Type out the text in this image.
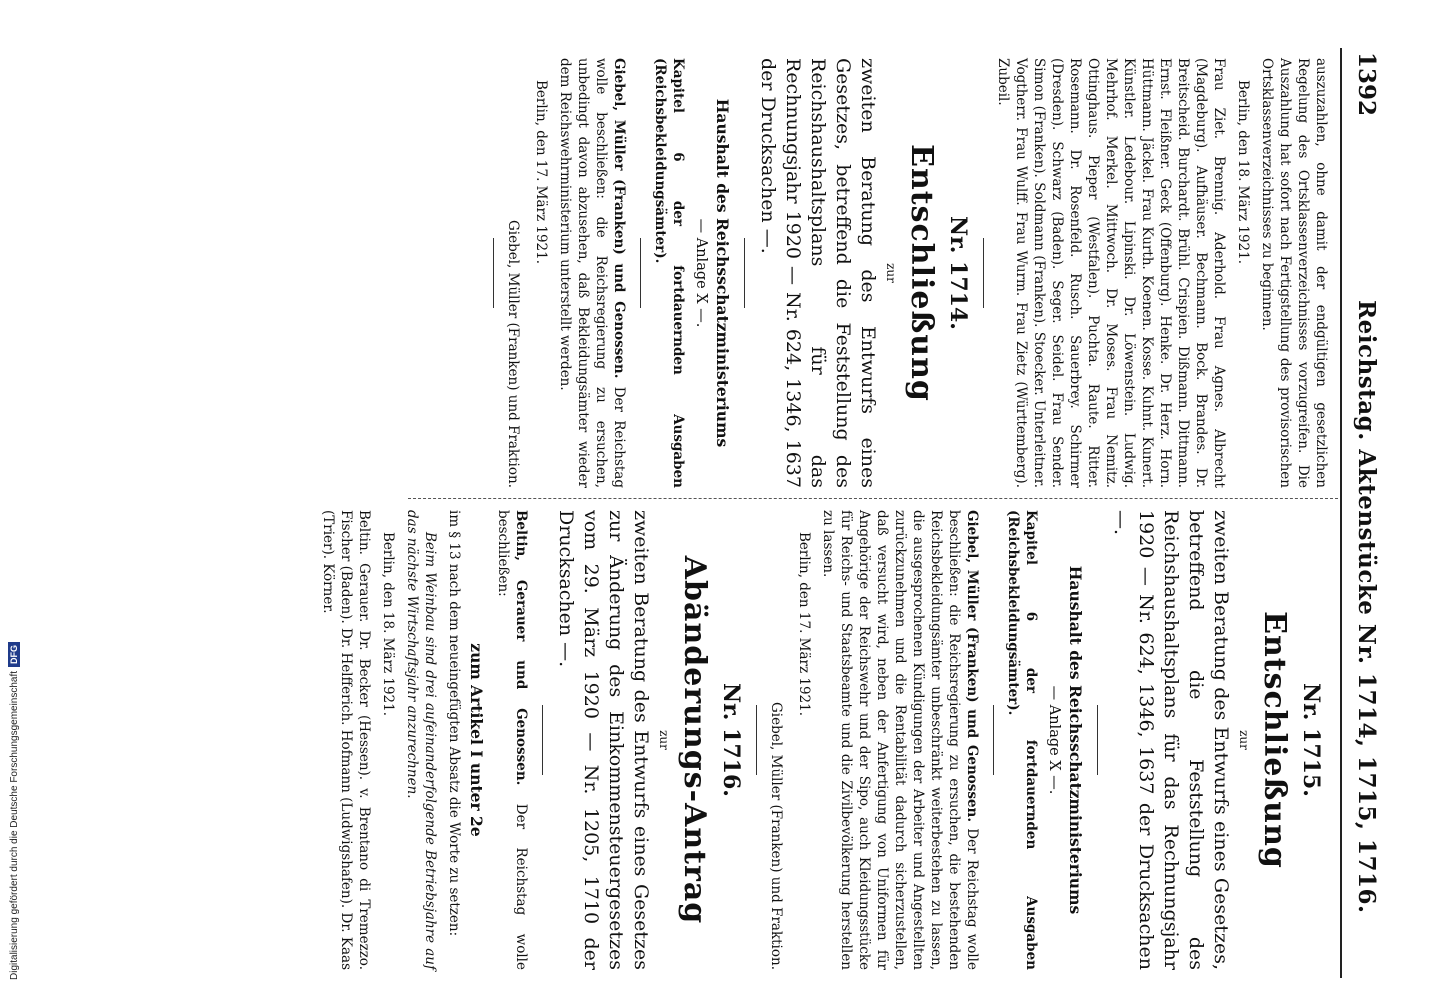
1392
Reichstag. Aktenstücke Nr. 1714, 1715, 1716.

auszuzahlen, ohne damit der endgültigen gesetzlichen Regelung des Ortsklassenverzeichnisses vorzugreifen. Die Auszahlung hat sofort nach Fertigstellung des provisorischen Ortsklassenverzeichnisses zu beginnen.

Berlin, den 18. März 1921.

Frau Ziet. Brennig. Aderhold. Frau Agnes. Albrecht (Magdeburg). Aufhäuser. Bechmann. Bock. Brandes. Dr. Breitscheid. Burchardt. Brühl. Crispien. Dißmann. Dittmann. Ernst. Fleißner. Geck (Offenburg). Henke. Dr. Herz. Horn. Hüttmann. Jäckel. Frau Kurth. Koenen. Kosse. Kuhnt. Kunert. Künstler. Ledebour. Lipinski. Dr. Löwenstein. Ludwig. Mehrhof. Merkel. Mittwoch. Dr. Moses. Frau Nemitz. Ottinghaus. Pieper (Westfalen). Puchta. Raute. Ritter. Rosemann. Dr. Rosenfeld. Rusch. Sauerbrey. Schirmer (Dresden). Schwarz (Baden). Seger. Seidel. Frau Sender. Simon (Franken). Soldmann (Franken). Stoecker. Unterleitner. Vogtherr. Frau Wulff. Frau Wurm. Frau Zietz (Württemberg). Zubeil.

Nr. 1714.
Entschließung
zur

zweiten Beratung des Entwurfs eines Gesetzes, betreffend die Feststellung des Reichshaushaltsplans für das Rechnungsjahr 1920 — Nr. 624, 1346, 1637 der Drucksachen —.

Haushalt des Reichsschatzministeriums
— Anlage X —.

Kapitel 6 der fortdauernden Ausgaben (Reichsbekleidungsämter).

Giebel, Müller (Franken) und Genossen. Der Reichstag wolle beschließen: die Reichsregierung zu ersuchen, unbedingt davon abzusehen, daß Bekleidungsämter wieder dem Reichswehrministerium unterstellt werden.

Berlin, den 17. März 1921.

Giebel, Müller (Franken) und Fraktion.

Nr. 1715.
Entschließung
zur

zweiten Beratung des Entwurfs eines Gesetzes, betreffend die Feststellung des Reichshaushaltsplans für das Rechnungsjahr 1920 — Nr. 624, 1346, 1637 der Drucksachen —.

Haushalt des Reichsschatzministeriums
— Anlage X —.

Kapitel 6 der fortdauernden Ausgaben (Reichsbekleidungsämter).

Giebel, Müller (Franken) und Genossen. Der Reichstag wolle beschließen: die Reichsregierung zu ersuchen, die bestehenden Reichsbekleidungsämter unbeschränkt weiterbestehen zu lassen, die ausgesprochenen Kündigungen der Arbeiter und Angestellten zurückzunehmen und die Rentabilität dadurch sicherzustellen, daß versucht wird, neben der Anfertigung von Uniformen für Angehörige der Reichswehr und der Sipo, auch Kleidungsstücke für Reichs- und Staatsbeamte und die Zivilbevölkerung herstellen zu lassen.

Berlin, den 17. März 1921.

Giebel, Müller (Franken) und Fraktion.

Nr. 1716.
Abänderungs-Antrag
zur

zweiten Beratung des Entwurfs eines Gesetzes zur Änderung des Einkommensteuergesetzes vom 29. März 1920 — Nr. 1205, 1710 der Drucksachen —.

Beltin, Gerauer und Genossen. Der Reichstag wolle beschließen:

zum Artikel I unter 2e

im § 13 nach dem neueingefügten Absatz die Worte zu setzen:

Beim Weinbau sind drei aufeinanderfolgende Betriebsjahre auf das nächste Wirtschaftsjahr anzurechnen.

Berlin, den 18. März 1921.

Beltin. Gerauer. Dr. Becker (Hessen). v. Brentano di Tremezzo. Fischer (Baden). Dr. Helfferich. Hofmann (Ludwigshafen). Dr. Kaas (Trier). Körner.

Digitalisierung gefördert durch die Deutsche ForschungsgemeinschaftDFG
